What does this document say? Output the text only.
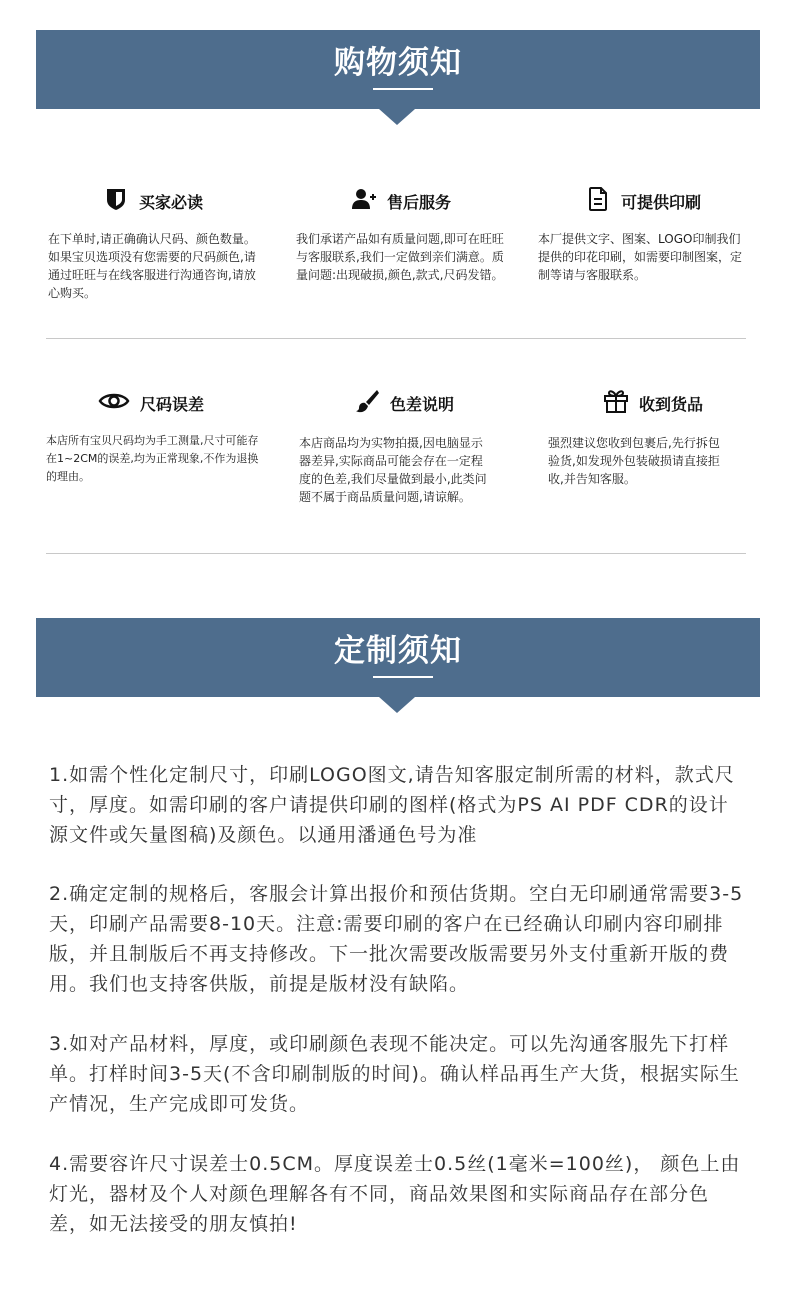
购物须知
买家必读
在下单时,请正确确认尺码、颜色数量。如果宝贝选项没有您需要的尺码颜色,请通过旺旺与在线客服进行沟通咨询,请放心购买。
售后服务
我们承诺产品如有质量问题,即可在旺旺与客服联系,我们一定做到亲们满意。质量问题:出现破损,颜色,款式,尺码发错。
可提供印刷
本厂提供文字、图案、LOGO印制我们提供的印花印刷，如需要印制图案，定制等请与客服联系。
尺码误差
本店所有宝贝尺码均为手工测量,尺寸可能存在1~2CM的误差,均为正常现象,不作为退换的理由。
色差说明
本店商品均为实物拍摄,因电脑显示器差异,实际商品可能会存在一定程度的色差,我们尽量做到最小,此类问题不属于商品质量问题,请谅解。
收到货品
强烈建议您收到包裹后,先行拆包验货,如发现外包装破损请直接拒收,并告知客服。
定制须知
1.如需个性化定制尺寸，印刷LOGO图文,请告知客服定制所需的材料，款式尺寸，厚度。如需印刷的客户请提供印刷的图样(格式为PS AI PDF CDR的设计源文件或矢量图稿)及颜色。以通用潘通色号为准
2.确定定制的规格后，客服会计算出报价和预估货期。空白无印刷通常需要3-5天，印刷产品需要8-10天。注意:需要印刷的客户在已经确认印刷内容印刷排版，并且制版后不再支持修改。下一批次需要改版需要另外支付重新开版的费用。我们也支持客供版，前提是版材没有缺陷。
3.如对产品材料，厚度，或印刷颜色表现不能决定。可以先沟通客服先下打样单。打样时间3-5天(不含印刷制版的时间)。确认样品再生产大货，根据实际生产情况，生产完成即可发货。
4.需要容许尺寸误差士0.5CM。厚度误差士0.5丝(1毫米=100丝)， 颜色上由灯光，器材及个人对颜色理解各有不同，商品效果图和实际商品存在部分色差，如无法接受的朋友慎拍!
